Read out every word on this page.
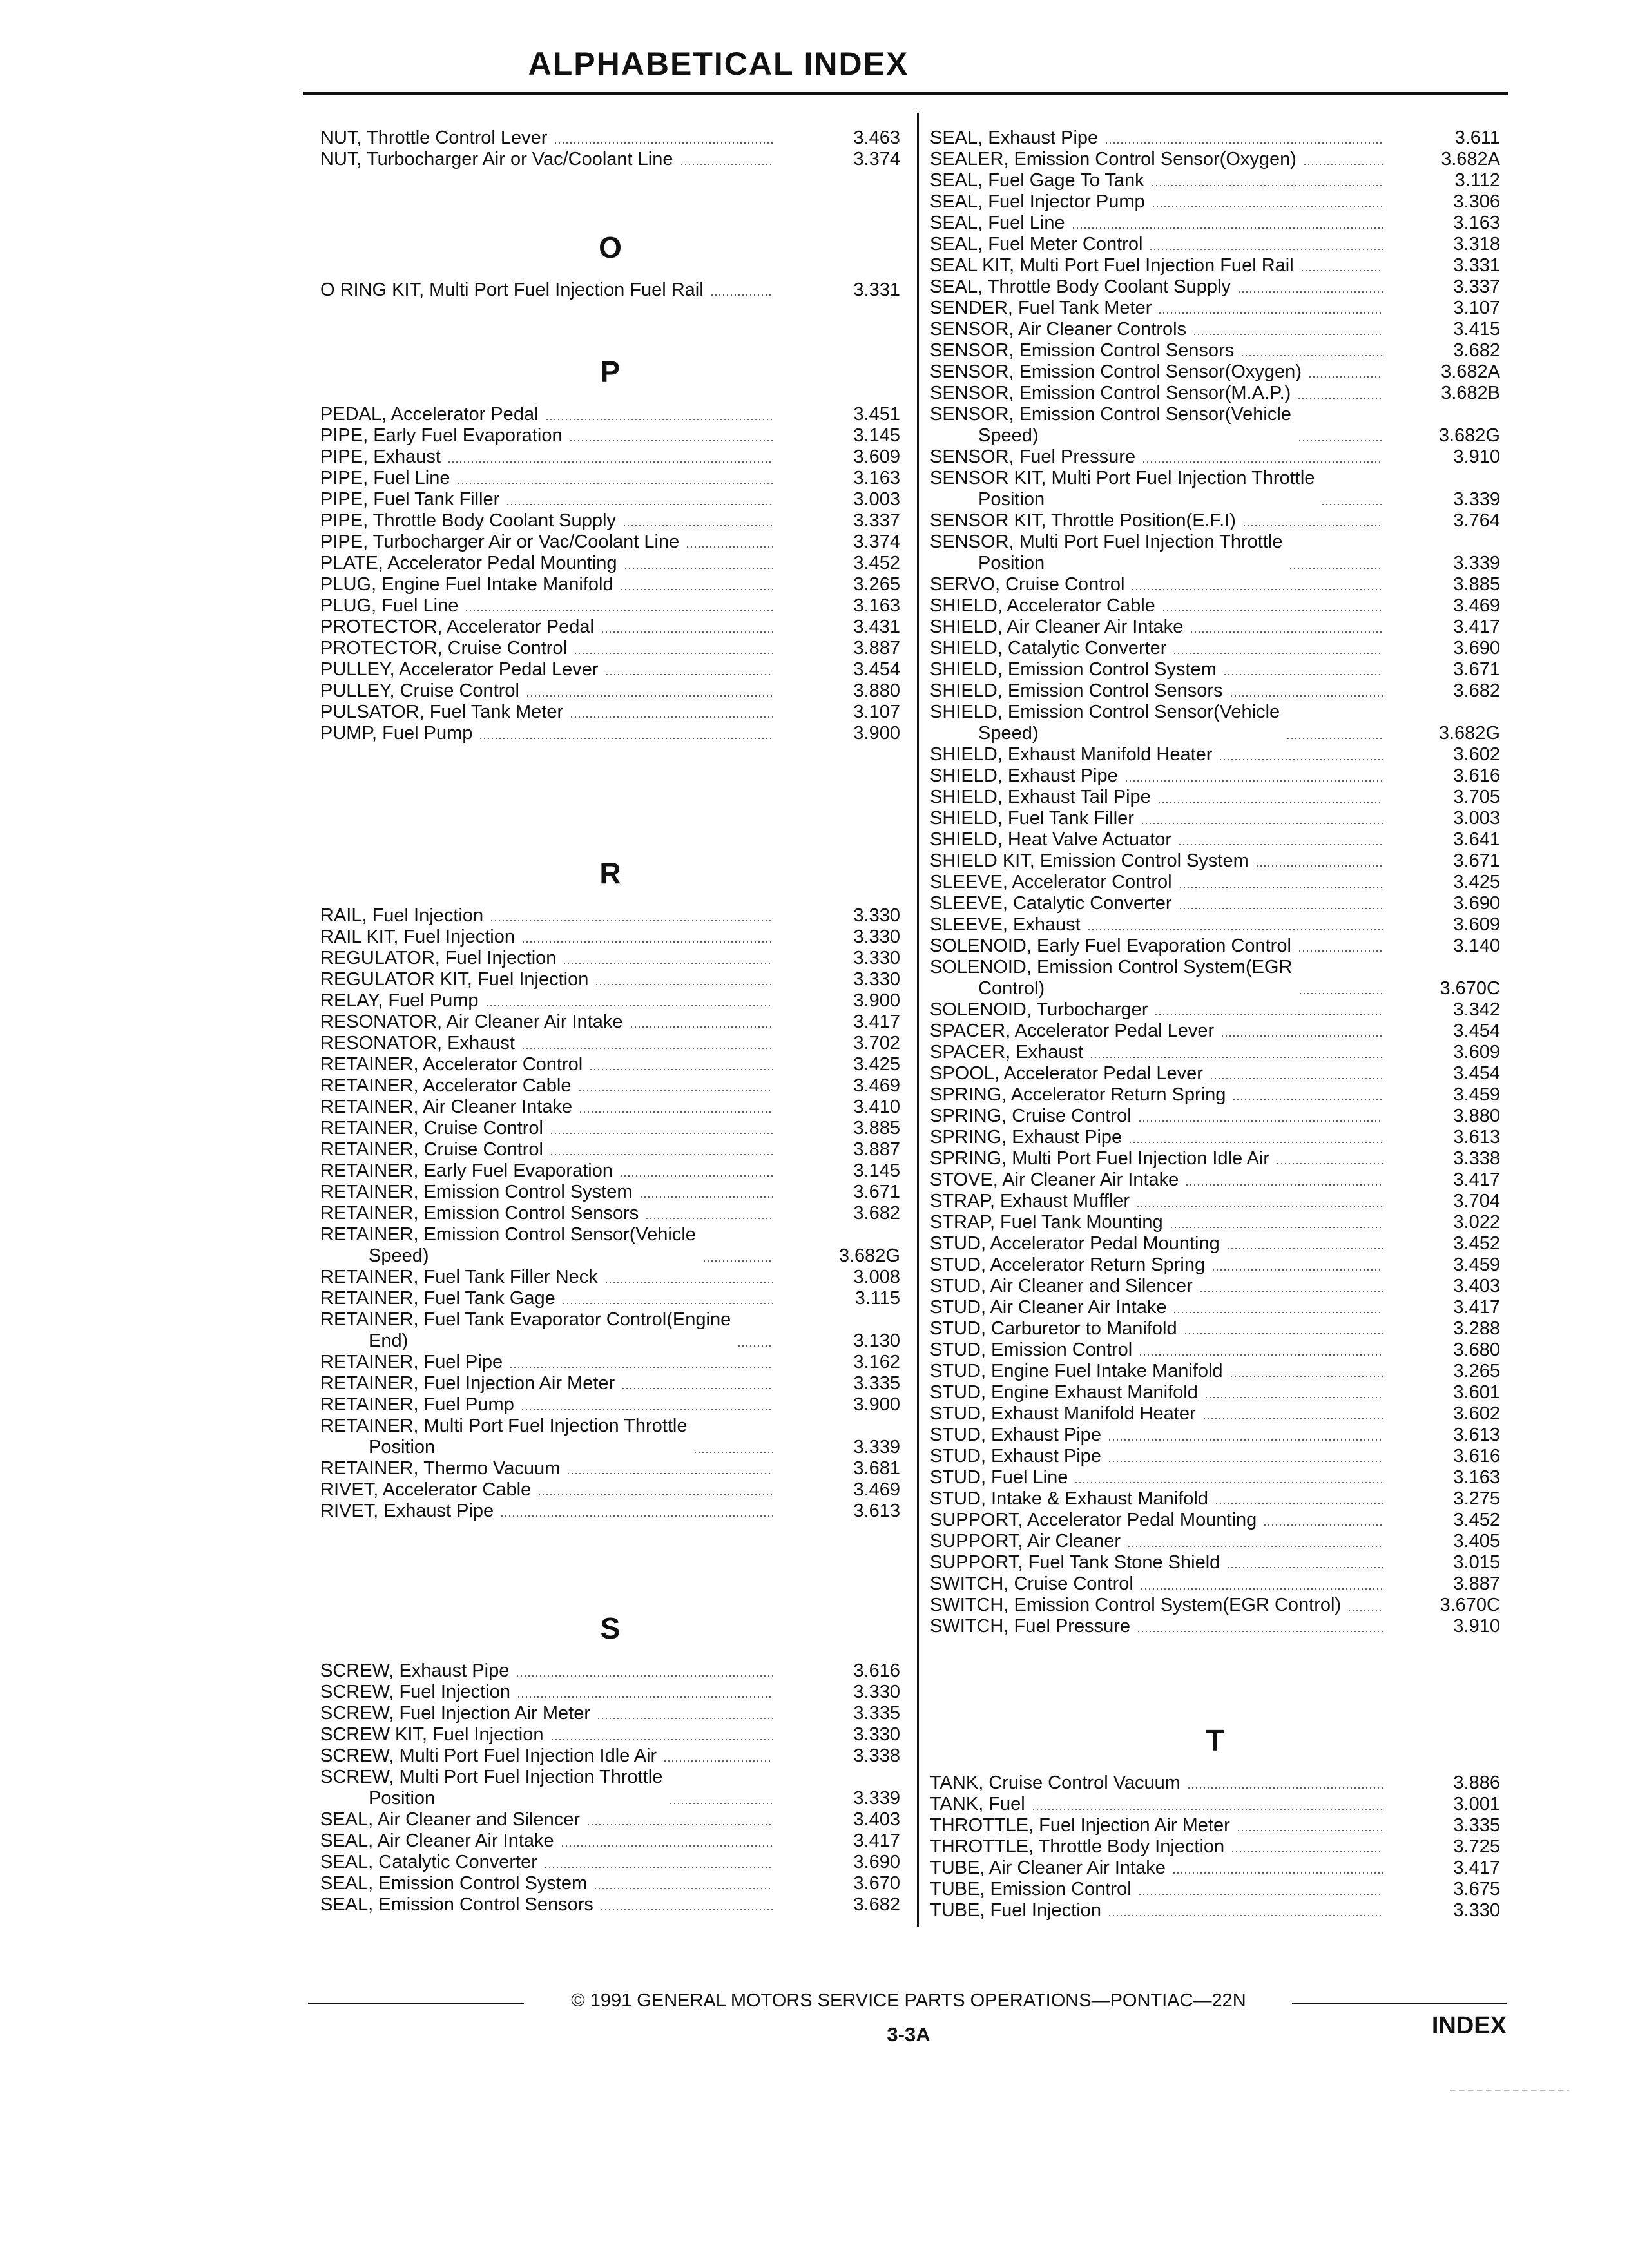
ALPHABETICAL INDEX
NUT, Throttle Control Lever	3.463
NUT, Turbocharger Air or Vac/Coolant Line	3.374
O
O RING KIT, Multi Port Fuel Injection Fuel Rail	3.331
P
PEDAL, Accelerator Pedal	3.451
PIPE, Early Fuel Evaporation	3.145
PIPE, Exhaust	3.609
PIPE, Fuel Line	3.163
PIPE, Fuel Tank Filler	3.003
PIPE, Throttle Body Coolant Supply	3.337
PIPE, Turbocharger Air or Vac/Coolant Line	3.374
PLATE, Accelerator Pedal Mounting	3.452
PLUG, Engine Fuel Intake Manifold	3.265
PLUG, Fuel Line	3.163
PROTECTOR, Accelerator Pedal	3.431
PROTECTOR, Cruise Control	3.887
PULLEY, Accelerator Pedal Lever	3.454
PULLEY, Cruise Control	3.880
PULSATOR, Fuel Tank Meter	3.107
PUMP, Fuel Pump	3.900
R
RAIL, Fuel Injection	3.330
RAIL KIT, Fuel Injection	3.330
REGULATOR, Fuel Injection	3.330
REGULATOR KIT, Fuel Injection	3.330
RELAY, Fuel Pump	3.900
RESONATOR, Air Cleaner Air Intake	3.417
RESONATOR, Exhaust	3.702
RETAINER, Accelerator Control	3.425
RETAINER, Accelerator Cable	3.469
RETAINER, Air Cleaner Intake	3.410
RETAINER, Cruise Control	3.885
RETAINER, Cruise Control	3.887
RETAINER, Early Fuel Evaporation	3.145
RETAINER, Emission Control System	3.671
RETAINER, Emission Control Sensors	3.682
RETAINER, Emission Control Sensor(Vehicle
Speed)	3.682G
RETAINER, Fuel Tank Filler Neck	3.008
RETAINER, Fuel Tank Gage	3.115
RETAINER, Fuel Tank Evaporator Control(Engine
End)	3.130
RETAINER, Fuel Pipe	3.162
RETAINER, Fuel Injection Air Meter	3.335
RETAINER, Fuel Pump	3.900
RETAINER, Multi Port Fuel Injection Throttle
Position	3.339
RETAINER, Thermo Vacuum	3.681
RIVET, Accelerator Cable	3.469
RIVET, Exhaust Pipe	3.613
S
SCREW, Exhaust Pipe	3.616
SCREW, Fuel Injection	3.330
SCREW, Fuel Injection Air Meter	3.335
SCREW KIT, Fuel Injection	3.330
SCREW, Multi Port Fuel Injection Idle Air	3.338
SCREW, Multi Port Fuel Injection Throttle
Position	3.339
SEAL, Air Cleaner and Silencer	3.403
SEAL, Air Cleaner Air Intake	3.417
SEAL, Catalytic Converter	3.690
SEAL, Emission Control System	3.670
SEAL, Emission Control Sensors	3.682
SEAL, Exhaust Pipe	3.611
SEALER, Emission Control Sensor(Oxygen)	3.682A
SEAL, Fuel Gage To Tank	3.112
SEAL, Fuel Injector Pump	3.306
SEAL, Fuel Line	3.163
SEAL, Fuel Meter Control	3.318
SEAL KIT, Multi Port Fuel Injection Fuel Rail	3.331
SEAL, Throttle Body Coolant Supply	3.337
SENDER, Fuel Tank Meter	3.107
SENSOR, Air Cleaner Controls	3.415
SENSOR, Emission Control Sensors	3.682
SENSOR, Emission Control Sensor(Oxygen)	3.682A
SENSOR, Emission Control Sensor(M.A.P.)	3.682B
SENSOR, Emission Control Sensor(Vehicle
Speed)	3.682G
SENSOR, Fuel Pressure	3.910
SENSOR KIT, Multi Port Fuel Injection Throttle
Position	3.339
SENSOR KIT, Throttle Position(E.F.I)	3.764
SENSOR, Multi Port Fuel Injection Throttle
Position	3.339
SERVO, Cruise Control	3.885
SHIELD, Accelerator Cable	3.469
SHIELD, Air Cleaner Air Intake	3.417
SHIELD, Catalytic Converter	3.690
SHIELD, Emission Control System	3.671
SHIELD, Emission Control Sensors	3.682
SHIELD, Emission Control Sensor(Vehicle
Speed)	3.682G
SHIELD, Exhaust Manifold Heater	3.602
SHIELD, Exhaust Pipe	3.616
SHIELD, Exhaust Tail Pipe	3.705
SHIELD, Fuel Tank Filler	3.003
SHIELD, Heat Valve Actuator	3.641
SHIELD KIT, Emission Control System	3.671
SLEEVE, Accelerator Control	3.425
SLEEVE, Catalytic Converter	3.690
SLEEVE, Exhaust	3.609
SOLENOID, Early Fuel Evaporation Control	3.140
SOLENOID, Emission Control System(EGR
Control)	3.670C
SOLENOID, Turbocharger	3.342
SPACER, Accelerator Pedal Lever	3.454
SPACER, Exhaust	3.609
SPOOL, Accelerator Pedal Lever	3.454
SPRING, Accelerator Return Spring	3.459
SPRING, Cruise Control	3.880
SPRING, Exhaust Pipe	3.613
SPRING, Multi Port Fuel Injection Idle Air	3.338
STOVE, Air Cleaner Air Intake	3.417
STRAP, Exhaust Muffler	3.704
STRAP, Fuel Tank Mounting	3.022
STUD, Accelerator Pedal Mounting	3.452
STUD, Accelerator Return Spring	3.459
STUD, Air Cleaner and Silencer	3.403
STUD, Air Cleaner Air Intake	3.417
STUD, Carburetor to Manifold	3.288
STUD, Emission Control	3.680
STUD, Engine Fuel Intake Manifold	3.265
STUD, Engine Exhaust Manifold	3.601
STUD, Exhaust Manifold Heater	3.602
STUD, Exhaust Pipe	3.613
STUD, Exhaust Pipe	3.616
STUD, Fuel Line	3.163
STUD, Intake & Exhaust Manifold	3.275
SUPPORT, Accelerator Pedal Mounting	3.452
SUPPORT, Air Cleaner	3.405
SUPPORT, Fuel Tank Stone Shield	3.015
SWITCH, Cruise Control	3.887
SWITCH, Emission Control System(EGR Control)	3.670C
SWITCH, Fuel Pressure	3.910
T
TANK, Cruise Control Vacuum	3.886
TANK, Fuel	3.001
THROTTLE, Fuel Injection Air Meter	3.335
THROTTLE, Throttle Body Injection	3.725
TUBE, Air Cleaner Air Intake	3.417
TUBE, Emission Control	3.675
TUBE, Fuel Injection	3.330
© 1991 GENERAL MOTORS SERVICE PARTS OPERATIONS—PONTIAC—22N
3-3A	INDEX
